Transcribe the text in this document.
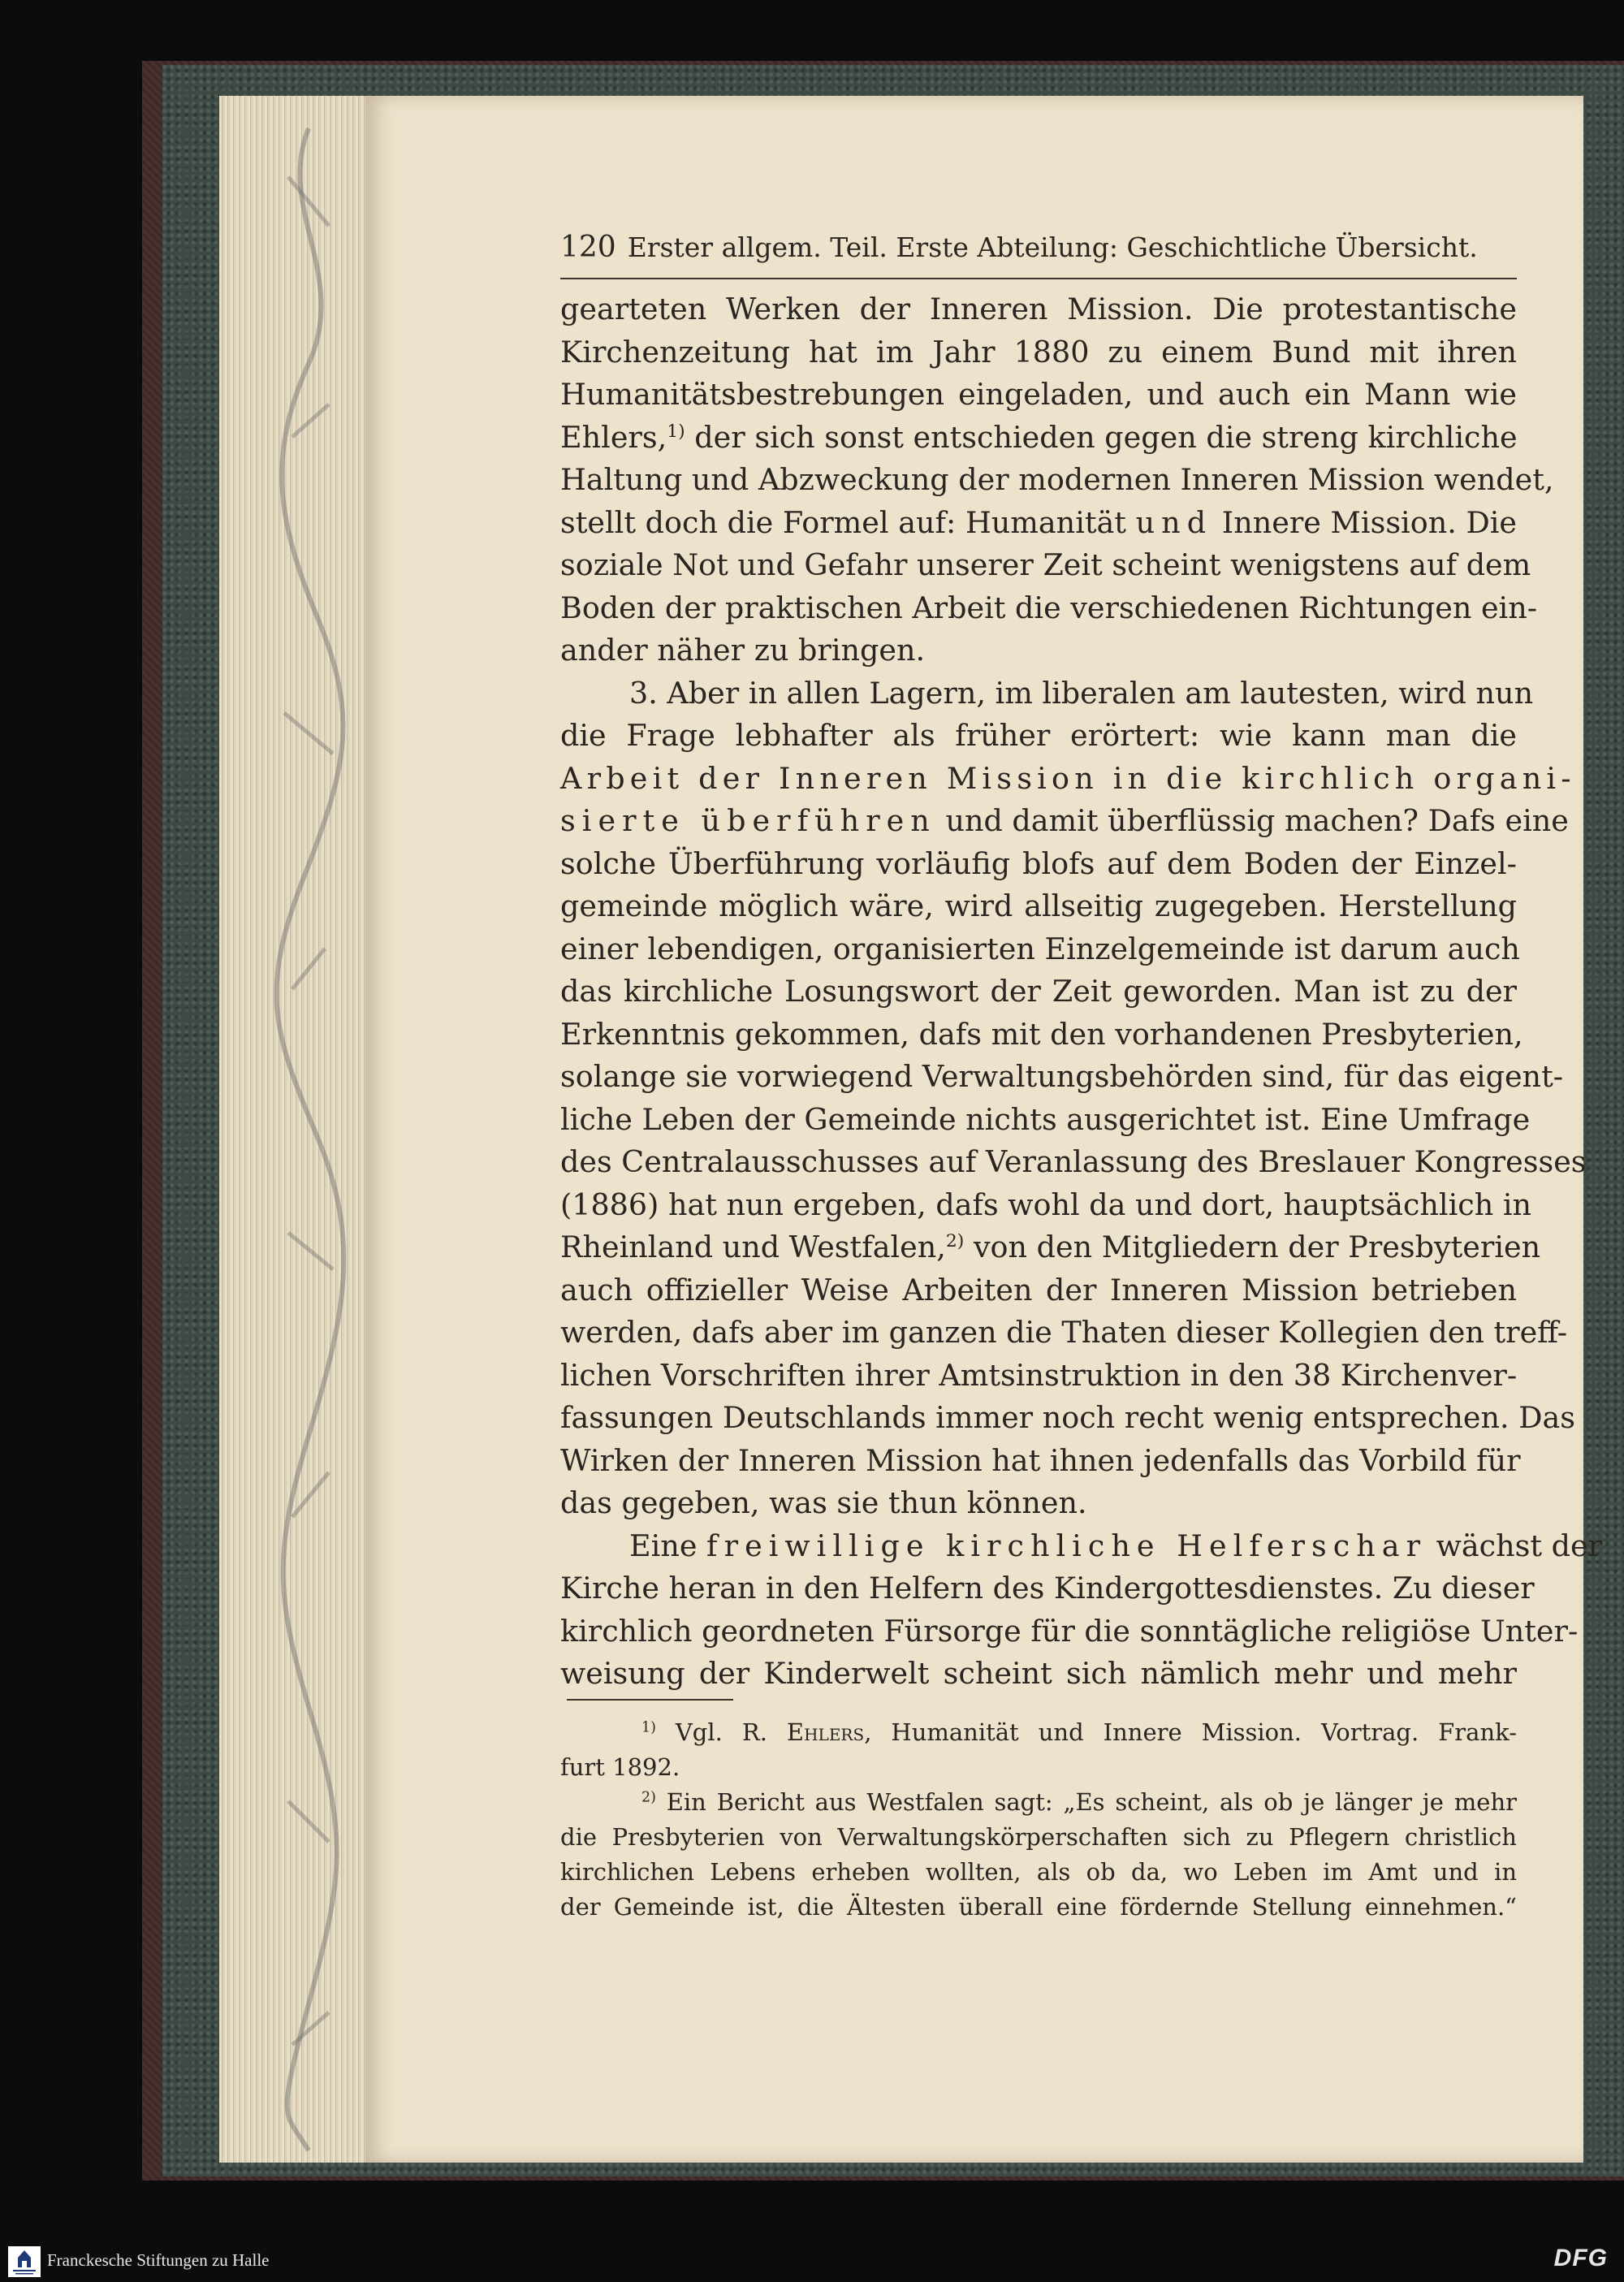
120 Erster allgem. Teil. Erste Abteilung: Geschichtliche Übersicht.
gearteten Werken der Inneren Mission. Die protestantische
Kirchenzeitung hat im Jahr 1880 zu einem Bund mit ihren
Humanitätsbestrebungen eingeladen, und auch ein Mann wie
Ehlers,$^{1)}$ der sich sonst entschieden gegen die streng kirchliche
Haltung und Abzweckung der modernen Inneren Mission wendet,
stellt doch die Formel auf: Humanität und Innere Mission. Die
soziale Not und Gefahr unserer Zeit scheint wenigstens auf dem
Boden der praktischen Arbeit die verschiedenen Richtungen ein-
ander näher zu bringen.
3. Aber in allen Lagern, im liberalen am lautesten, wird nun
die Frage lebhafter als früher erörtert: wie kann man die
Arbeit der Inneren Mission in die kirchlich organi-
sierte überführen und damit überflüssig machen? Dafs eine
solche Überführung vorläufig blofs auf dem Boden der Einzel-
gemeinde möglich wäre, wird allseitig zugegeben. Herstellung
einer lebendigen, organisierten Einzelgemeinde ist darum auch
das kirchliche Losungswort der Zeit geworden. Man ist zu der
Erkenntnis gekommen, dafs mit den vorhandenen Presbyterien,
solange sie vorwiegend Verwaltungsbehörden sind, für das eigent-
liche Leben der Gemeinde nichts ausgerichtet ist. Eine Umfrage
des Centralausschusses auf Veranlassung des Breslauer Kongresses
(1886) hat nun ergeben, dafs wohl da und dort, hauptsächlich in
Rheinland und Westfalen,$^{2)}$ von den Mitgliedern der Presbyterien
auch offizieller Weise Arbeiten der Inneren Mission betrieben
werden, dafs aber im ganzen die Thaten dieser Kollegien den treff-
lichen Vorschriften ihrer Amtsinstruktion in den 38 Kirchenver-
fassungen Deutschlands immer noch recht wenig entsprechen. Das
Wirken der Inneren Mission hat ihnen jedenfalls das Vorbild für
das gegeben, was sie thun können.
Eine freiwillige kirchliche Helferschar wächst der
Kirche heran in den Helfern des Kindergottesdienstes. Zu dieser
kirchlich geordneten Fürsorge für die sonntägliche religiöse Unter-
weisung der Kinderwelt scheint sich nämlich mehr und mehr
$^{1)}$ Vgl. R. Ehlers, Humanität und Innere Mission. Vortrag. Frank-
furt 1892.
$^{2)}$ Ein Bericht aus Westfalen sagt: „Es scheint, als ob je länger je mehr
die Presbyterien von Verwaltungskörperschaften sich zu Pflegern christlich
kirchlichen Lebens erheben wollten, als ob da, wo Leben im Amt und in
der Gemeinde ist, die Ältesten überall eine fördernde Stellung einnehmen.“
Franckesche Stiftungen zu Halle	DFG
